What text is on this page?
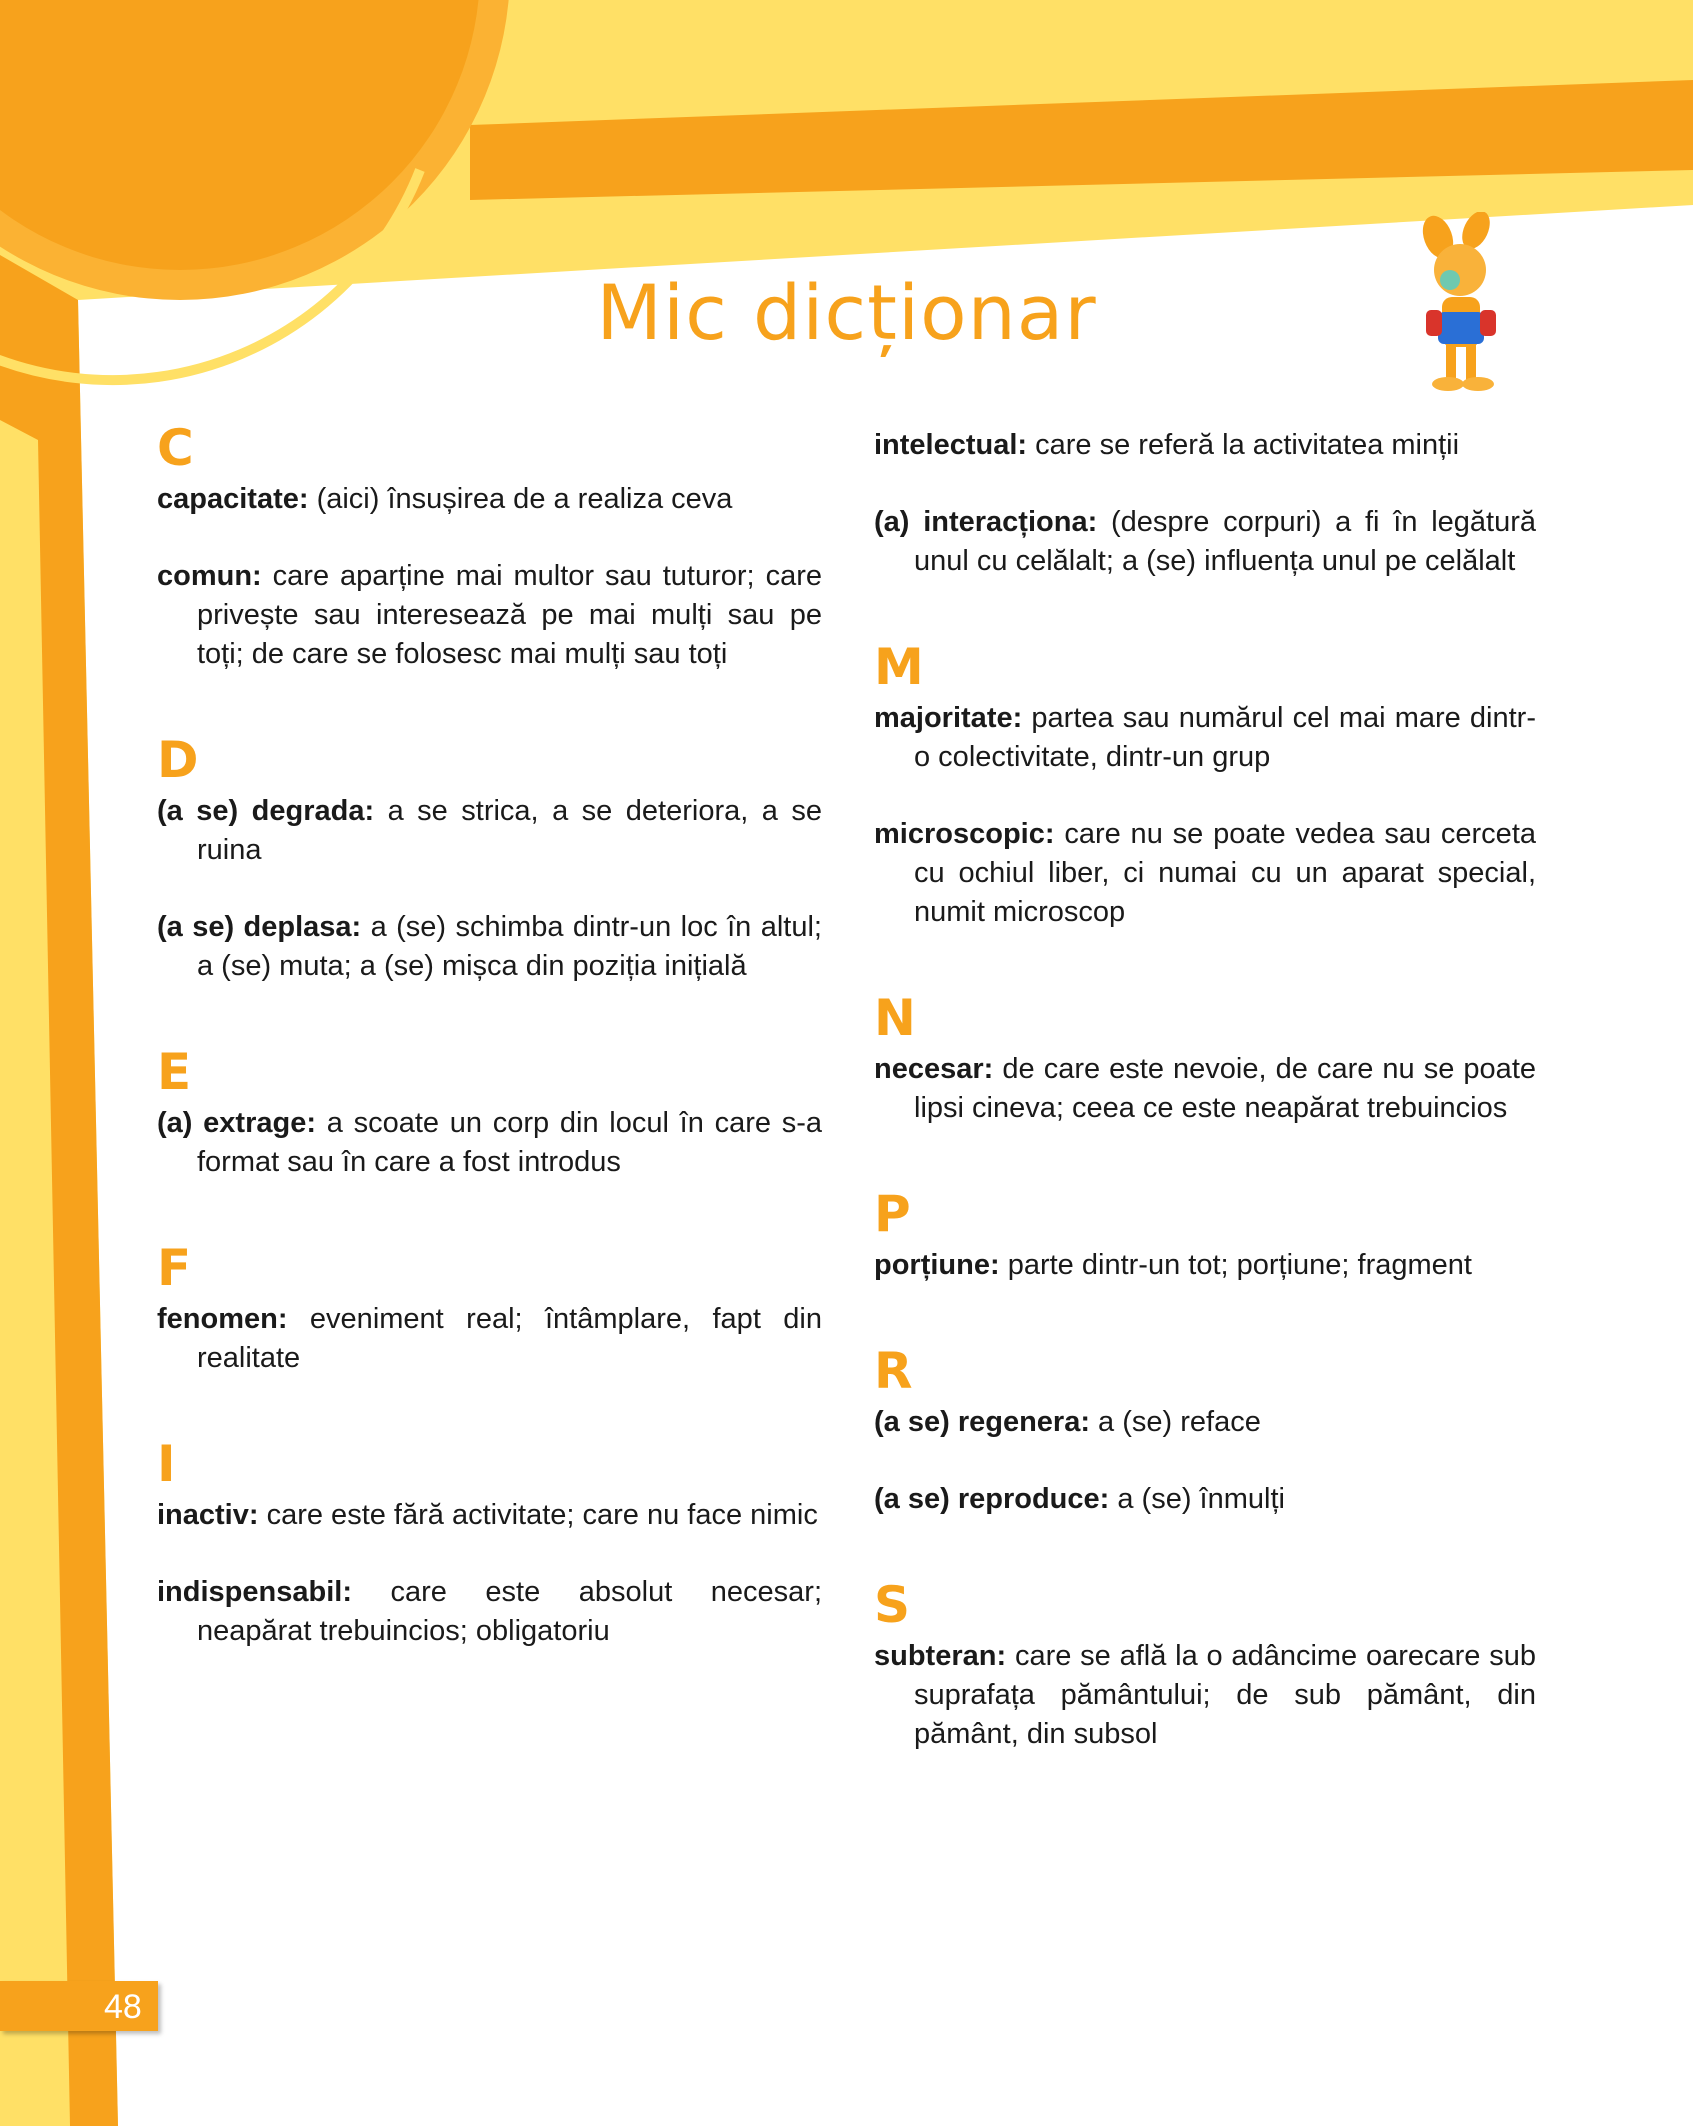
Mic dicționar
C

capacitate: (aici) însușirea de a realiza ceva

comun: care aparține mai multor sau tuturor; care privește sau interesează pe mai mulți sau pe toți; de care se folosesc mai mulți sau toți

D

(a se) degrada: a se strica, a se deteriora, a se ruina

(a se) deplasa: a (se) schimba dintr-un loc în altul; a (se) muta; a (se) mișca din poziția inițială

E

(a) extrage: a scoate un corp din locul în care s-a format sau în care a fost introdus

F

fenomen: eveniment real; întâmplare, fapt din realitate

I

inactiv: care este fără activitate; care nu face nimic

indispensabil: care este absolut necesar; neapărat trebuincios; obligatoriu

intelectual: care se referă la activitatea minții

(a) interacționa: (despre corpuri) a fi în legătură unul cu celălalt; a (se) influența unul pe celălalt

M

majoritate: partea sau numărul cel mai mare dintr-o colectivitate, dintr-un grup

microscopic: care nu se poate vedea sau cerceta cu ochiul liber, ci numai cu un aparat special, numit microscop

N

necesar: de care este nevoie, de care nu se poate lipsi cineva; ceea ce este neapărat trebuincios

P

porțiune: parte dintr-un tot; porțiune; fragment

R

(a se) regenera: a (se) reface

(a se) reproduce: a (se) înmulți

S

subteran: care se află la o adâncime oarecare sub suprafața pământului; de sub pământ, din pământ, din subsol

48
